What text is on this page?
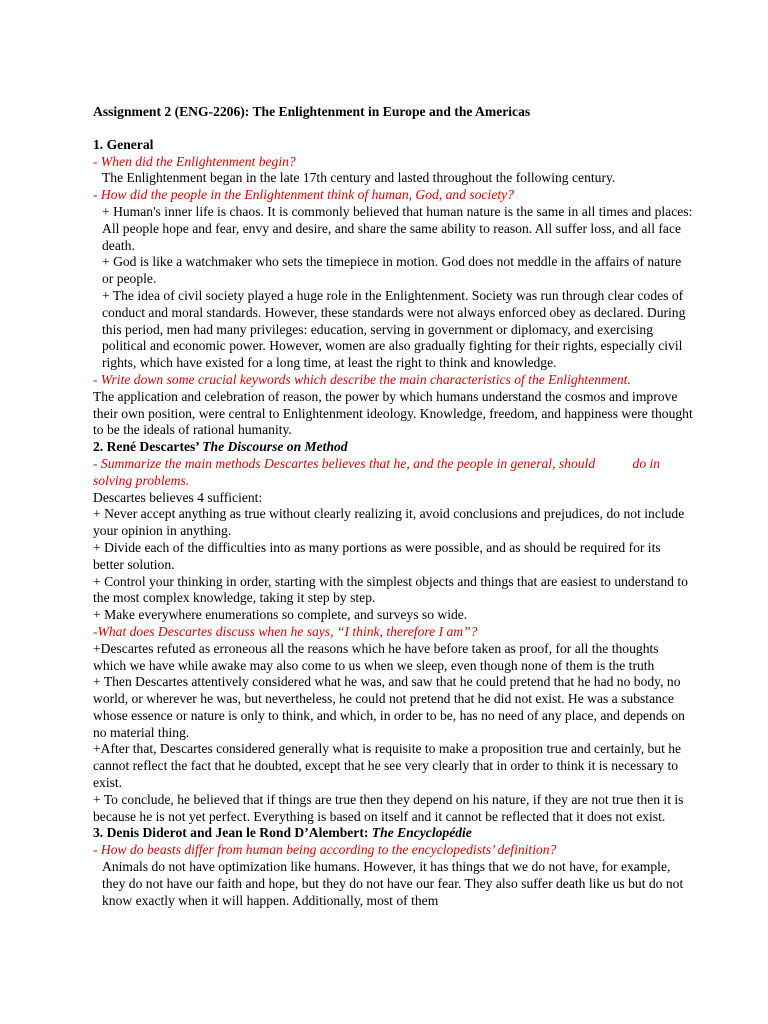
Assignment 2 (ENG-2206): The Enlightenment in Europe and the Americas

1. General

- When did the Enlightenment begin?

The Enlightenment began in the late 17th century and lasted throughout the following century.

- How did the people in the Enlightenment think of human, God, and society?

+ Human's inner life is chaos. It is commonly believed that human nature is the same in all times and places: All people hope and fear, envy and desire, and share the same ability to reason. All suffer loss, and all face death.

+ God is like a watchmaker who sets the timepiece in motion. God does not meddle in the affairs of nature or people.

+ The idea of civil society played a huge role in the Enlightenment. Society was run through clear codes of conduct and moral standards. However, these standards were not always enforced obey as declared. During this period, men had many privileges: education, serving in government or diplomacy, and exercising political and economic power. However, women are also gradually fighting for their rights, especially civil rights, which have existed for a long time, at least the right to think and knowledge.

- Write down some crucial keywords which describe the main characteristics of the Enlightenment.

The application and celebration of reason, the power by which humans understand the cosmos and improve their own position, were central to Enlightenment ideology. Knowledge, freedom, and happiness were thought to be the ideals of rational humanity.

2. René Descartes’ The Discourse on Method

- Summarize the main methods Descartes believes that he, and the people in general, should	do in solving problems.

Descartes believes 4 sufficient:

+ Never accept anything as true without clearly realizing it, avoid conclusions and prejudices, do not include your opinion in anything.

+ Divide each of the difficulties into as many portions as were possible, and as should be required for its better solution.

+ Control your thinking in order, starting with the simplest objects and things that are easiest to understand to the most complex knowledge, taking it step by step.

+ Make everywhere enumerations so complete, and surveys so wide.

-What does Descartes discuss when he says, “I think, therefore I am”?

+Descartes refuted as erroneous all the reasons which he have before taken as proof, for all the thoughts which we have while awake may also come to us when we sleep, even though none of them is the truth

+ Then Descartes attentively considered what he was, and saw that he could pretend that he had no body, no world, or wherever he was, but nevertheless, he could not pretend that he did not exist. He was a substance whose essence or nature is only to think, and which, in order to be, has no need of any place, and depends on no material thing.

+After that, Descartes considered generally what is requisite to make a proposition true and certainly, but he cannot reflect the fact that he doubted, except that he see very clearly that in order to think it is necessary to exist.

+ To conclude, he believed that if things are true then they depend on his nature, if they are not true then it is because he is not yet perfect. Everything is based on itself and it cannot be reflected that it does not exist.

3. Denis Diderot and Jean le Rond D’Alembert: The Encyclopédie

- How do beasts differ from human being according to the encyclopedists’ definition?

Animals do not have optimization like humans. However, it has things that we do not have, for example, they do not have our faith and hope, but they do not have our fear. They also suffer death like us but do not know exactly when it will happen. Additionally, most of them
